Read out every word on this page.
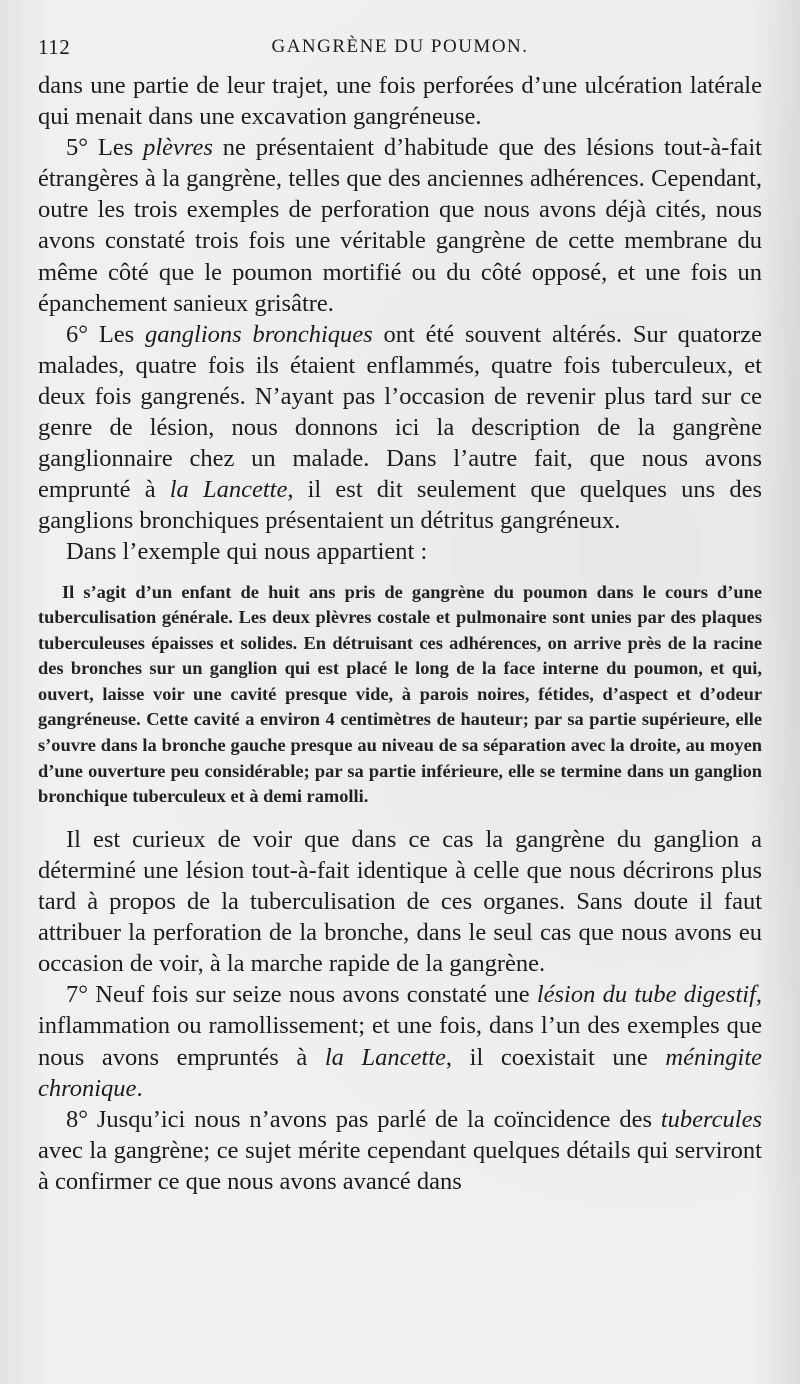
112	GANGRÈNE DU POUMON.

dans une partie de leur trajet, une fois perforées d’une ulcération latérale qui menait dans une excavation gangréneuse.

5° Les plèvres ne présentaient d’habitude que des lésions tout-à-fait étrangères à la gangrène, telles que des anciennes adhérences. Cependant, outre les trois exemples de perforation que nous avons déjà cités, nous avons constaté trois fois une véritable gangrène de cette membrane du même côté que le poumon mortifié ou du côté opposé, et une fois un épanchement sanieux grisâtre.

6° Les ganglions bronchiques ont été souvent altérés. Sur quatorze malades, quatre fois ils étaient enflammés, quatre fois tuberculeux, et deux fois gangrenés. N’ayant pas l’occasion de revenir plus tard sur ce genre de lésion, nous donnons ici la description de la gangrène ganglionnaire chez un malade. Dans l’autre fait, que nous avons emprunté à la Lancette, il est dit seulement que quelques uns des ganglions bronchiques présentaient un détritus gangréneux.

Dans l’exemple qui nous appartient :

Il s’agit d’un enfant de huit ans pris de gangrène du poumon dans le cours d’une tuberculisation générale. Les deux plèvres costale et pulmonaire sont unies par des plaques tuberculeuses épaisses et solides. En détruisant ces adhérences, on arrive près de la racine des bronches sur un ganglion qui est placé le long de la face interne du poumon, et qui, ouvert, laisse voir une cavité presque vide, à parois noires, fétides, d’aspect et d’odeur gangréneuse. Cette cavité a environ 4 centimètres de hauteur; par sa partie supérieure, elle s’ouvre dans la bronche gauche presque au niveau de sa séparation avec la droite, au moyen d’une ouverture peu considérable; par sa partie inférieure, elle se termine dans un ganglion bronchique tuberculeux et à demi ramolli.

Il est curieux de voir que dans ce cas la gangrène du ganglion a déterminé une lésion tout-à-fait identique à celle que nous décrirons plus tard à propos de la tuberculisation de ces organes. Sans doute il faut attribuer la perforation de la bronche, dans le seul cas que nous avons eu occasion de voir, à la marche rapide de la gangrène.

7° Neuf fois sur seize nous avons constaté une lésion du tube digestif, inflammation ou ramollissement; et une fois, dans l’un des exemples que nous avons empruntés à la Lancette, il coexistait une méningite chronique.

8° Jusqu’ici nous n’avons pas parlé de la coïncidence des tubercules avec la gangrène; ce sujet mérite cependant quelques détails qui serviront à confirmer ce que nous avons avancé dans
